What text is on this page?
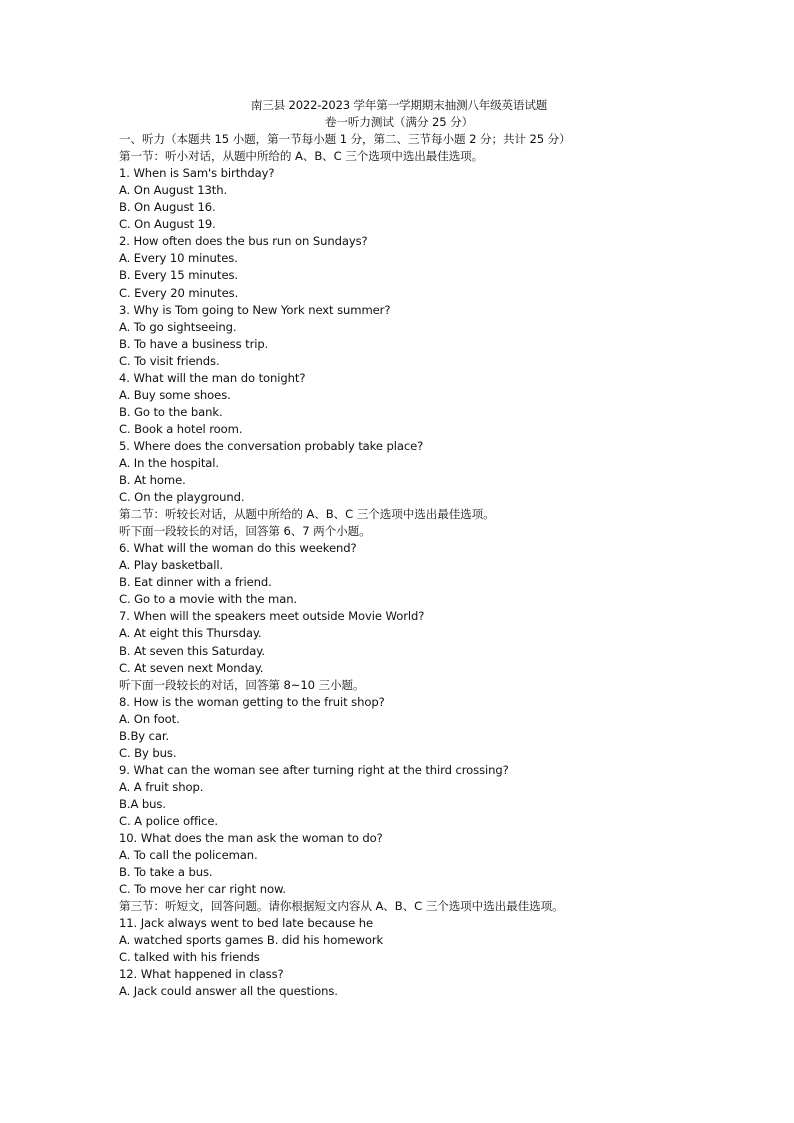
南三县 2022-2023 学年第一学期期末抽测八年级英语试题
卷一听力测试（满分 25 分）
一、听力（本题共 15 小题，第一节每小题 1 分，第二、三节每小题 2 分；共计 25 分）
第一节：听小对话，从题中所给的 A、B、C 三个选项中选出最佳选项。
1. When is Sam's birthday?
A. On August 13th.
B. On August 16.
C. On August 19.
2. How often does the bus run on Sundays?
A. Every 10 minutes.
B. Every 15 minutes.
C. Every 20 minutes.
3. Why is Tom going to New York next summer?
A. To go sightseeing.
B. To have a business trip.
C. To visit friends.
4. What will the man do tonight?
A. Buy some shoes.
B. Go to the bank.
C. Book a hotel room.
5. Where does the conversation probably take place?
A. In the hospital.
B. At home.
C. On the playground.
第二节：听较长对话，从题中所给的 A、B、C 三个选项中选出最佳选项。
听下面一段较长的对话，回答第 6、7 两个小题。
6. What will the woman do this weekend?
A. Play basketball.
B. Eat dinner with a friend.
C. Go to a movie with the man.
7. When will the speakers meet outside Movie World?
A. At eight this Thursday.
B. At seven this Saturday.
C. At seven next Monday.
听下面一段较长的对话，回答第 8~10 三小题。
8. How is the woman getting to the fruit shop?
A. On foot.
B.By car.
C. By bus.
9. What can the woman see after turning right at the third crossing?
A. A fruit shop.
B.A bus.
C. A police office.
10. What does the man ask the woman to do?
A. To call the policeman.
B. To take a bus.
C. To move her car right now.
第三节：听短文，回答问题。请你根据短文内容从 A、B、C 三个选项中选出最佳选项。
11. Jack always went to bed late because he
A. watched sports games B. did his homework
C. talked with his friends
12. What happened in class?
A. Jack could answer all the questions.
